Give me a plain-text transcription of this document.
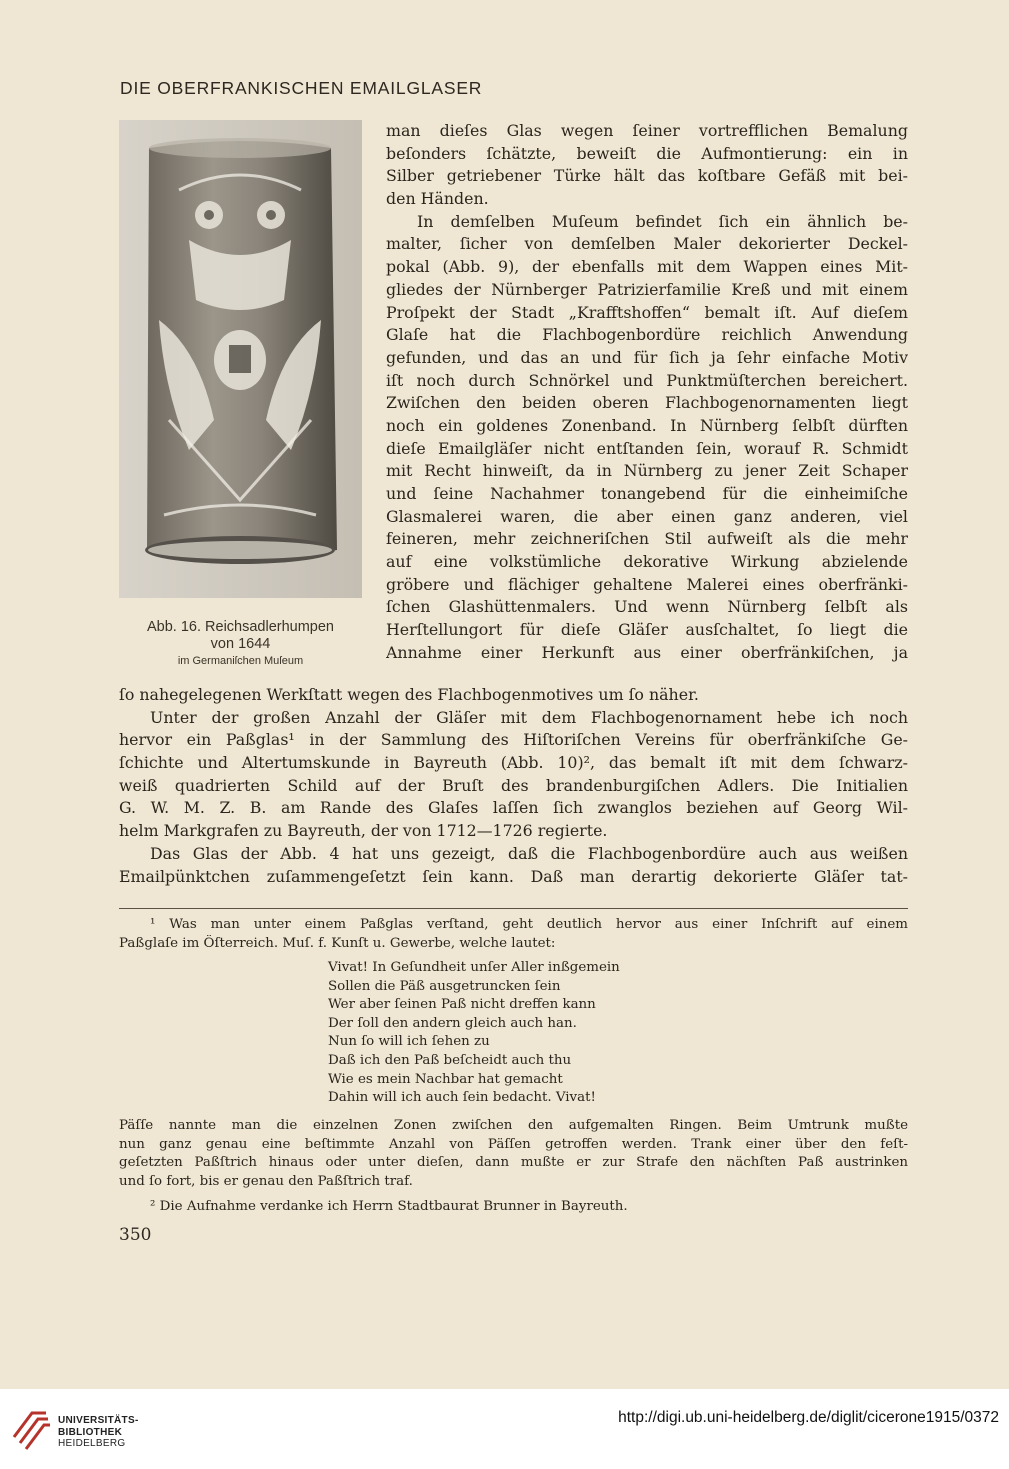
DIE OBERFRANKISCHEN EMAILGLASER
Abb. 16. Reichsadlerhumpen
von 1644
im Germaniſchen Muſeum
man dieſes Glas wegen ſeiner vortrefflichen Bemalung
beſonders ſchätzte, beweiſt die Aufmontierung: ein in
Silber getriebener Türke hält das koſtbare Gefäß mit bei-
den Händen.
In demſelben Muſeum befindet ſich ein ähnlich be-
malter, ſicher von demſelben Maler dekorierter Deckel-
pokal (Abb. 9), der ebenfalls mit dem Wappen eines Mit-
gliedes der Nürnberger Patrizierfamilie Kreß und mit einem
Proſpekt der Stadt „Krafftshoffen“ bemalt iſt. Auf dieſem
Glaſe hat die Flachbogenbordüre reichlich Anwendung
gefunden, und das an und für ſich ja ſehr einfache Motiv
iſt noch durch Schnörkel und Punktmüſterchen bereichert.
Zwiſchen den beiden oberen Flachbogenornamenten liegt
noch ein goldenes Zonenband. In Nürnberg ſelbſt dürften
dieſe Emailgläſer nicht entſtanden ſein, worauf R. Schmidt
mit Recht hinweiſt, da in Nürnberg zu jener Zeit Schaper
und ſeine Nachahmer tonangebend für die einheimiſche
Glasmalerei waren, die aber einen ganz anderen, viel
feineren, mehr zeichneriſchen Stil aufweiſt als die mehr
auf eine volkstümliche dekorative Wirkung abzielende
gröbere und flächiger gehaltene Malerei eines oberfränki-
ſchen Glashüttenmalers. Und wenn Nürnberg ſelbſt als
Herſtellungort für dieſe Gläſer ausſchaltet, ſo liegt die
Annahme einer Herkunft aus einer oberfränkiſchen, ja
ſo nahegelegenen Werkſtatt wegen des Flachbogenmotives um ſo näher.
Unter der großen Anzahl der Gläſer mit dem Flachbogenornament hebe ich noch
hervor ein Paßglas¹ in der Sammlung des Hiſtoriſchen Vereins für oberfränkiſche Ge-
ſchichte und Altertumskunde in Bayreuth (Abb. 10)², das bemalt iſt mit dem ſchwarz-
weiß quadrierten Schild auf der Bruſt des brandenburgiſchen Adlers. Die Initialien
G. W. M. Z. B. am Rande des Glaſes laſſen ſich zwanglos beziehen auf Georg Wil-
helm Markgrafen zu Bayreuth, der von 1712—1726 regierte.
Das Glas der Abb. 4 hat uns gezeigt, daß die Flachbogenbordüre auch aus weißen
Emailpünktchen zuſammengeſetzt ſein kann. Daß man derartig dekorierte Gläſer tat-
¹ Was man unter einem Paßglas verſtand, geht deutlich hervor aus einer Inſchrift auf einem
Paßglaſe im Öſterreich. Muſ. f. Kunſt u. Gewerbe, welche lautet:
Vivat! In Geſundheit unſer Aller inßgemein
Sollen die Päß ausgetruncken ſein
Wer aber ſeinen Paß nicht dreffen kann
Der ſoll den andern gleich auch han.
Nun ſo will ich ſehen zu
Daß ich den Paß beſcheidt auch thu
Wie es mein Nachbar hat gemacht
Dahin will ich auch ſein bedacht. Vivat!
Päſſe nannte man die einzelnen Zonen zwiſchen den aufgemalten Ringen. Beim Umtrunk mußte
nun ganz genau eine beſtimmte Anzahl von Päſſen getroffen werden. Trank einer über den feſt-
geſetzten Paßſtrich hinaus oder unter dieſen, dann mußte er zur Strafe den nächſten Paß austrinken
und ſo fort, bis er genau den Paßſtrich traf.
² Die Aufnahme verdanke ich Herrn Stadtbaurat Brunner in Bayreuth.
350
UNIVERSITÄTS-
BIBLIOTHEK
HEIDELBERG
http://digi.ub.uni-heidelberg.de/diglit/cicerone1915/0372
